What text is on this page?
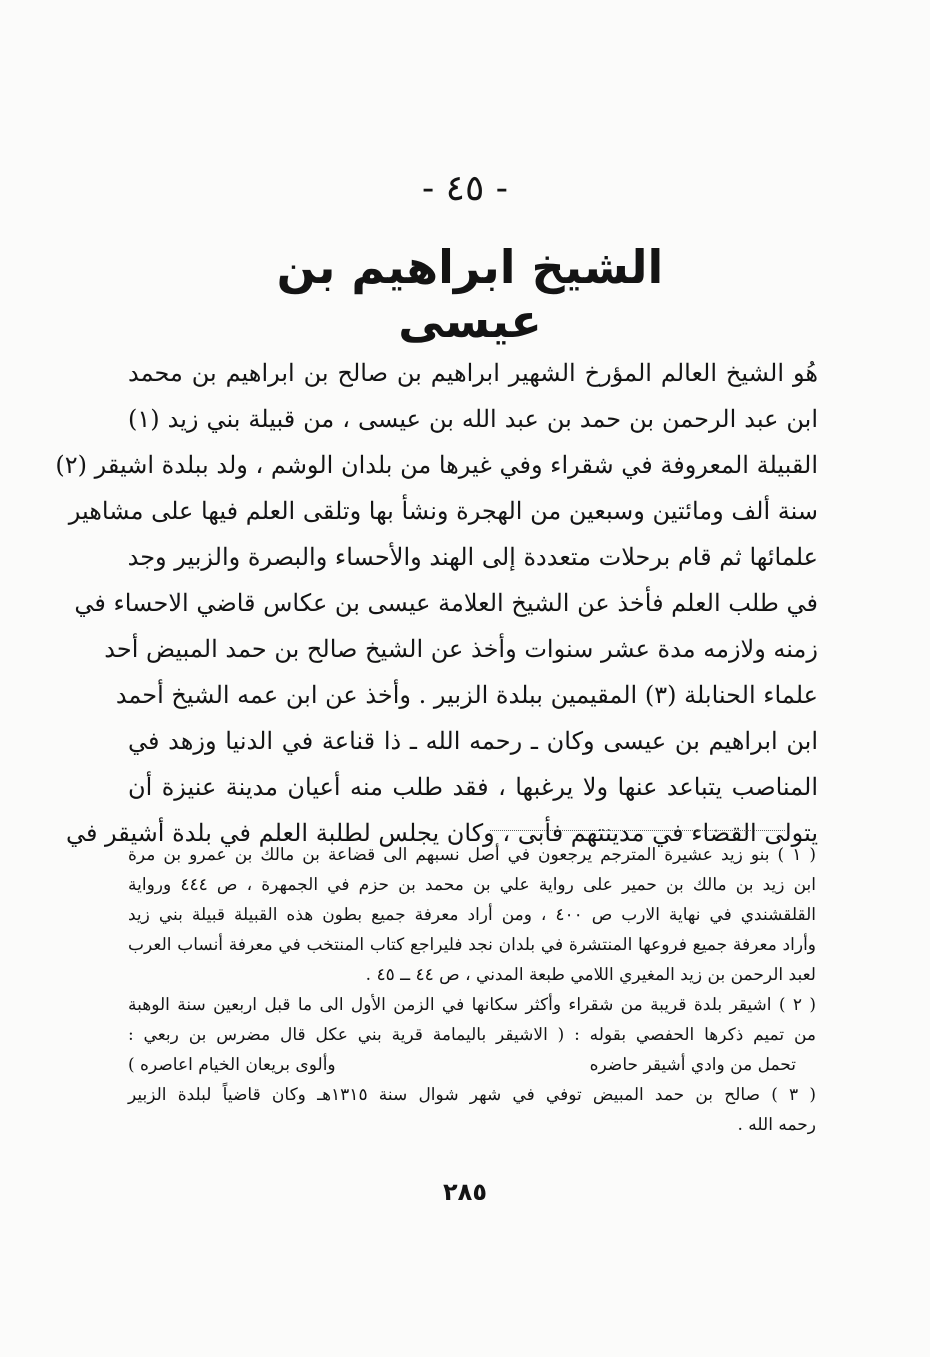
- ٤٥ -
الشيخ ابراهيم بن عيسى
هُو الشيخ العالم المؤرخ الشهير ابراهيم بن صالح بن ابراهيم بن محمد
ابن عبد الرحمن بن حمد بن عبد الله بن عيسى ، من قبيلة بني زيد (١)
القبيلة المعروفة في شقراء وفي غيرها من بلدان الوشم ، ولد ببلدة اشيقر (٢)
سنة ألف ومائتين وسبعين من الهجرة ونشأ بها وتلقى العلم فيها على مشاهير
علمائها ثم قام برحلات متعددة إلى الهند والأحساء والبصرة والزبير وجد
في طلب العلم فأخذ عن الشيخ العلامة عيسى بن عكاس قاضي الاحساء في
زمنه ولازمه مدة عشر سنوات وأخذ عن الشيخ صالح بن حمد المبيض أحد
علماء الحنابلة (٣) المقيمين ببلدة الزبير . وأخذ عن ابن عمه الشيخ أحمد
ابن ابراهيم بن عيسى وكان ـ رحمه الله ـ ذا قناعة في الدنيا وزهد في
المناصب يتباعد عنها ولا يرغبها ، فقد طلب منه أعيان مدينة عنيزة أن
يتولى القضاء في مدينتهم فأبى ، وكان يجلس لطلبة العلم في بلدة أشيقر في
( ١ ) بنو زيد عشيرة المترجم يرجعون في أصل نسبهم الى قضاعة بن مالك بن عمرو بن مرة
ابن زيد بن مالك بن حمير على رواية علي بن محمد بن حزم في الجمهرة ، ص ٤٤٤ ورواية
القلقشندي في نهاية الارب ص ٤٠٠ ، ومن أراد معرفة جميع بطون هذه القبيلة قبيلة بني زيد
وأراد معرفة جميع فروعها المنتشرة في بلدان نجد فليراجع كتاب المنتخب في معرفة أنساب العرب
لعبد الرحمن بن زيد المغيري اللامي طبعة المدني ، ص ٤٤ ــ ٤٥ .
( ٢ ) اشيقر بلدة قريبة من شقراء وأكثر سكانها في الزمن الأول الى ما قبل اربعين سنة الوهبة
من تميم ذكرها الحفصي بقوله : ( الاشيقر باليمامة قرية بني عكل قال مضرس بن ربعي :
تحمل من وادي أشيقر حاضره
وألوى بريعان الخيام اعاصره )
( ٣ ) صالح بن حمد المبيض توفي في شهر شوال سنة ١٣١٥هـ وكان قاضياً لبلدة الزبير
رحمه الله .
٢٨٥
